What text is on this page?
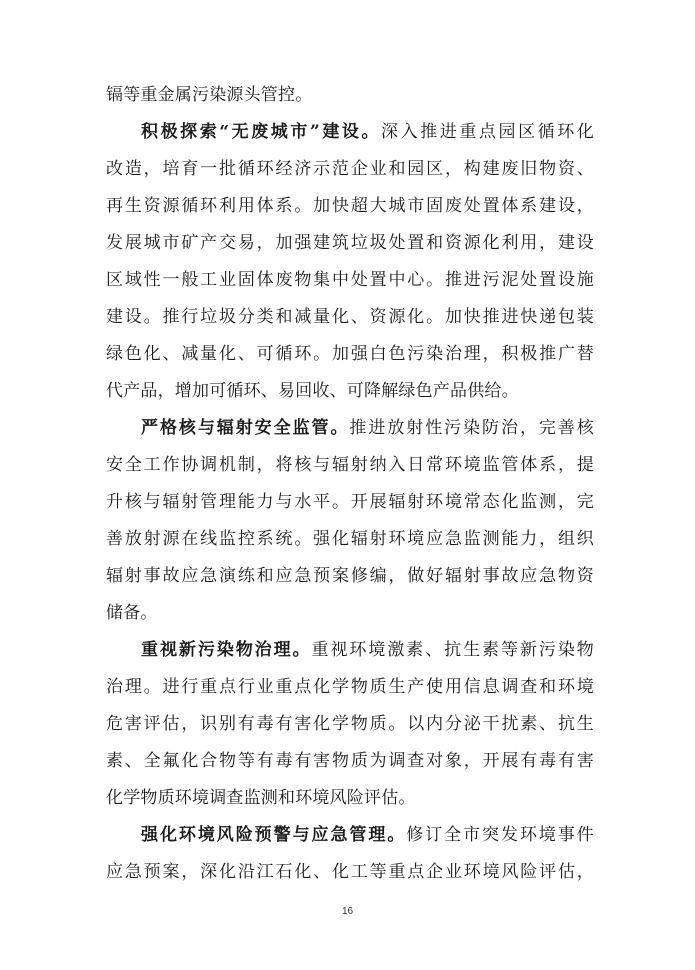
镉等重金属污染源头管控。
积极探索“无废城市”建设。深入推进重点园区循环化
改造，培育一批循环经济示范企业和园区，构建废旧物资、
再生资源循环利用体系。加快超大城市固废处置体系建设，
发展城市矿产交易，加强建筑垃圾处置和资源化利用，建设
区域性一般工业固体废物集中处置中心。推进污泥处置设施
建设。推行垃圾分类和减量化、资源化。加快推进快递包装
绿色化、减量化、可循环。加强白色污染治理，积极推广替
代产品，增加可循环、易回收、可降解绿色产品供给。
严格核与辐射安全监管。推进放射性污染防治，完善核
安全工作协调机制，将核与辐射纳入日常环境监管体系，提
升核与辐射管理能力与水平。开展辐射环境常态化监测，完
善放射源在线监控系统。强化辐射环境应急监测能力，组织
辐射事故应急演练和应急预案修编，做好辐射事故应急物资
储备。
重视新污染物治理。重视环境激素、抗生素等新污染物
治理。进行重点行业重点化学物质生产使用信息调查和环境
危害评估，识别有毒有害化学物质。以内分泌干扰素、抗生
素、全氟化合物等有毒有害物质为调查对象，开展有毒有害
化学物质环境调查监测和环境风险评估。
强化环境风险预警与应急管理。修订全市突发环境事件
应急预案，深化沿江石化、化工等重点企业环境风险评估，
16
